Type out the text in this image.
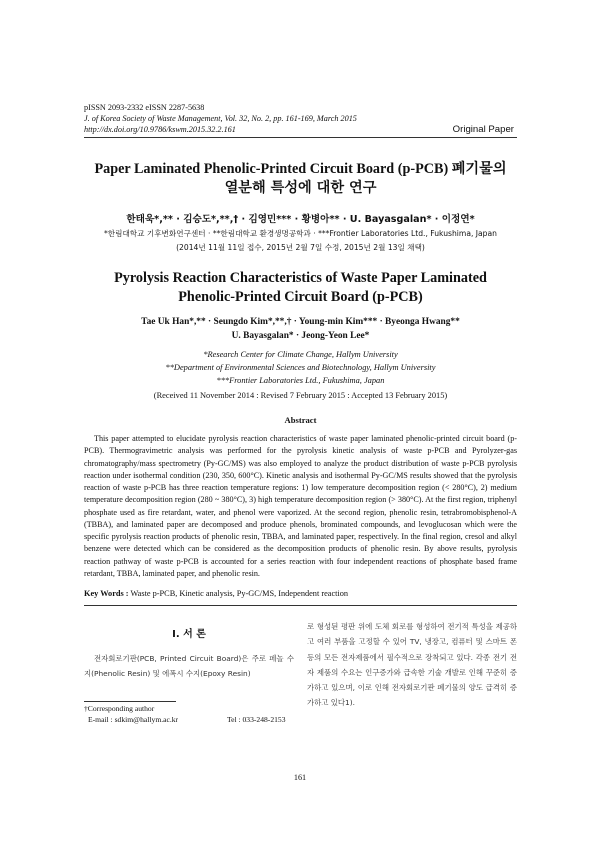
pISSN 2093-2332 eISSN 2287-5638
J. of Korea Society of Waste Management, Vol. 32, No. 2, pp. 161-169, March 2015
http://dx.doi.org/10.9786/kswm.2015.32.2.161	Original Paper
Paper Laminated Phenolic-Printed Circuit Board (p-PCB) 폐기물의
열분해 특성에 대한 연구
한태욱*,** · 김승도*,**,† · 김영민*** · 황병아** · U. Bayasgalan* · 이정연*
*한림대학교 기후변화연구센터 · **한림대학교 환경생명공학과 · ***Frontier Laboratories Ltd., Fukushima, Japan
(2014년 11월 11일 접수, 2015년 2월 7일 수정, 2015년 2월 13일 채택)
Pyrolysis Reaction Characteristics of Waste Paper Laminated
Phenolic-Printed Circuit Board (p-PCB)
Tae Uk Han*,** · Seungdo Kim*,**,† · Young-min Kim*** · Byeonga Hwang**
U. Bayasgalan* · Jeong-Yeon Lee*
*Research Center for Climate Change, Hallym University
**Department of Environmental Sciences and Biotechnology, Hallym University
***Frontier Laboratories Ltd., Fukushima, Japan
(Received 11 November 2014 : Revised 7 February 2015 : Accepted 13 February 2015)
Abstract
This paper attempted to elucidate pyrolysis reaction characteristics of waste paper laminated phenolic-printed circuit board (p-PCB). Thermogravimetric analysis was performed for the pyrolysis kinetic analysis of waste p-PCB and Pyrolyzer-gas chromatography/mass spectrometry (Py-GC/MS) was also employed to analyze the product distribution of waste p-PCB pyrolysis reaction under isothermal condition (230, 350, 600°C). Kinetic analysis and isothermal Py-GC/MS results showed that the pyrolysis reaction of waste p-PCB has three reaction temperature regions: 1) low temperature decomposition region (< 280°C), 2) medium temperature decomposition region (280 ~ 380°C), 3) high temperature decomposition region (> 380°C). At the first region, triphenyl phosphate used as fire retardant, water, and phenol were vaporized. At the second region, phenolic resin, tetrabromobisphenol-A (TBBA), and laminated paper are decomposed and produce phenols, brominated compounds, and levoglucosan which were the specific pyrolysis reaction products of phenolic resin, TBBA, and laminated paper, respectively. In the final region, cresol and alkyl benzene were detected which can be considered as the decomposition products of phenolic resin. By above results, pyrolysis reaction pathway of waste p-PCB is accounted for a series reaction with four independent reactions of phosphate based frame retardant, TBBA, laminated paper, and phenolic resin.
Key Words : Waste p-PCB, Kinetic analysis, Py-GC/MS, Independent reaction
I. 서 론
전자회로기판(PCB, Printed Circuit Board)은 주로 페놀 수지(Phenolic Resin) 및 에폭시 수지(Epoxy Resin)
로 형성된 평판 위에 도체 회로를 형성하여 전기적 특성을 제공하고 여러 부품을 고정할 수 있어 TV, 냉장고, 컴퓨터 및 스마트 폰 등의 모든 전자제품에서 필수적으로 장착되고 있다. 각종 전기 전자 제품의 수요는 인구증가와 급속한 기술 개발로 인해 꾸준히 증가하고 있으며, 이로 인해 전자회로기판 폐기물의 양도 급격히 증가하고 있다1).
†Corresponding author
E-mail : sdkim@hallym.ac.kr	Tel : 033-248-2153
161
